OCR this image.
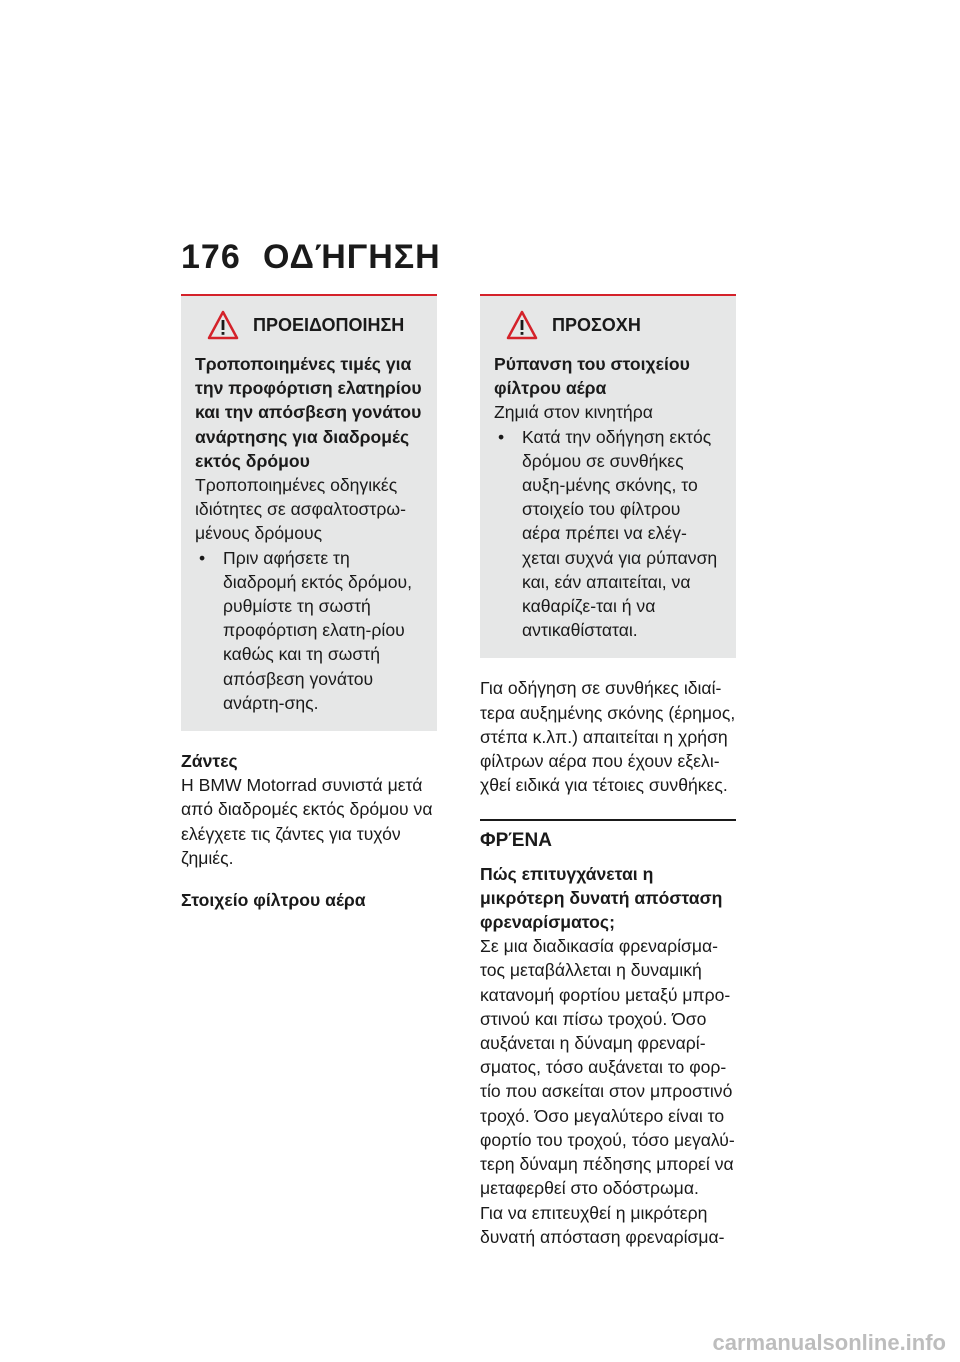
176 ΟΔΉΓΗΣΗ
ΠΡΟΕΙΔΟΠΟΙΗΣΗ

Τροποποιημένες τιμές για την προφόρτιση ελατηρίου και την απόσβεση γονάτου ανάρτησης για διαδρομές εκτός δρόμου

Τροποποιημένες οδηγικές ιδιότητες σε ασφαλτοστρω-μένους δρόμους

• Πριν αφήσετε τη διαδρομή εκτός δρόμου, ρυθμίστε τη σωστή προφόρτιση ελατη-ρίου καθώς και τη σωστή απόσβεση γονάτου ανάρτη-σης.

Ζάντες

Η BMW Motorrad συνιστά μετά από διαδρομές εκτός δρόμου να ελέγχετε τις ζάντες για τυχόν ζημιές.

Στοιχείο φίλτρου αέρα

ΠΡΟΣΟΧΗ

Ρύπανση του στοιχείου φίλτρου αέρα

Ζημιά στον κινητήρα

• Κατά την οδήγηση εκτός δρόμου σε συνθήκες αυξη-μένης σκόνης, το στοιχείο του φίλτρου αέρα πρέπει να ελέγ-χεται συχνά για ρύπανση και, εάν απαιτείται, να καθαρίζε-ται ή να αντικαθίσταται.

Για οδήγηση σε συνθήκες ιδιαί-τερα αυξημένης σκόνης (έρημος, στέπα κ.λπ.) απαιτείται η χρήση φίλτρων αέρα που έχουν εξελι-χθεί ειδικά για τέτοιες συνθήκες.

ΦΡΈΝΑ

Πώς επιτυγχάνεται η μικρότερη δυνατή απόσταση φρεναρίσματος;

Σε μια διαδικασία φρεναρίσμα-τος μεταβάλλεται η δυναμική κατανομή φορτίου μεταξύ μπρο-στινού και πίσω τροχού. Όσο αυξάνεται η δύναμη φρεναρί-σματος, τόσο αυξάνεται το φορ-τίο που ασκείται στον μπροστινό τροχό. Όσο μεγαλύτερο είναι το φορτίο του τροχού, τόσο μεγαλύ-τερη δύναμη πέδησης μπορεί να μεταφερθεί στο οδόστρωμα.

Για να επιτευχθεί η μικρότερη δυνατή απόσταση φρεναρίσμα-

carmanualsonline.info
